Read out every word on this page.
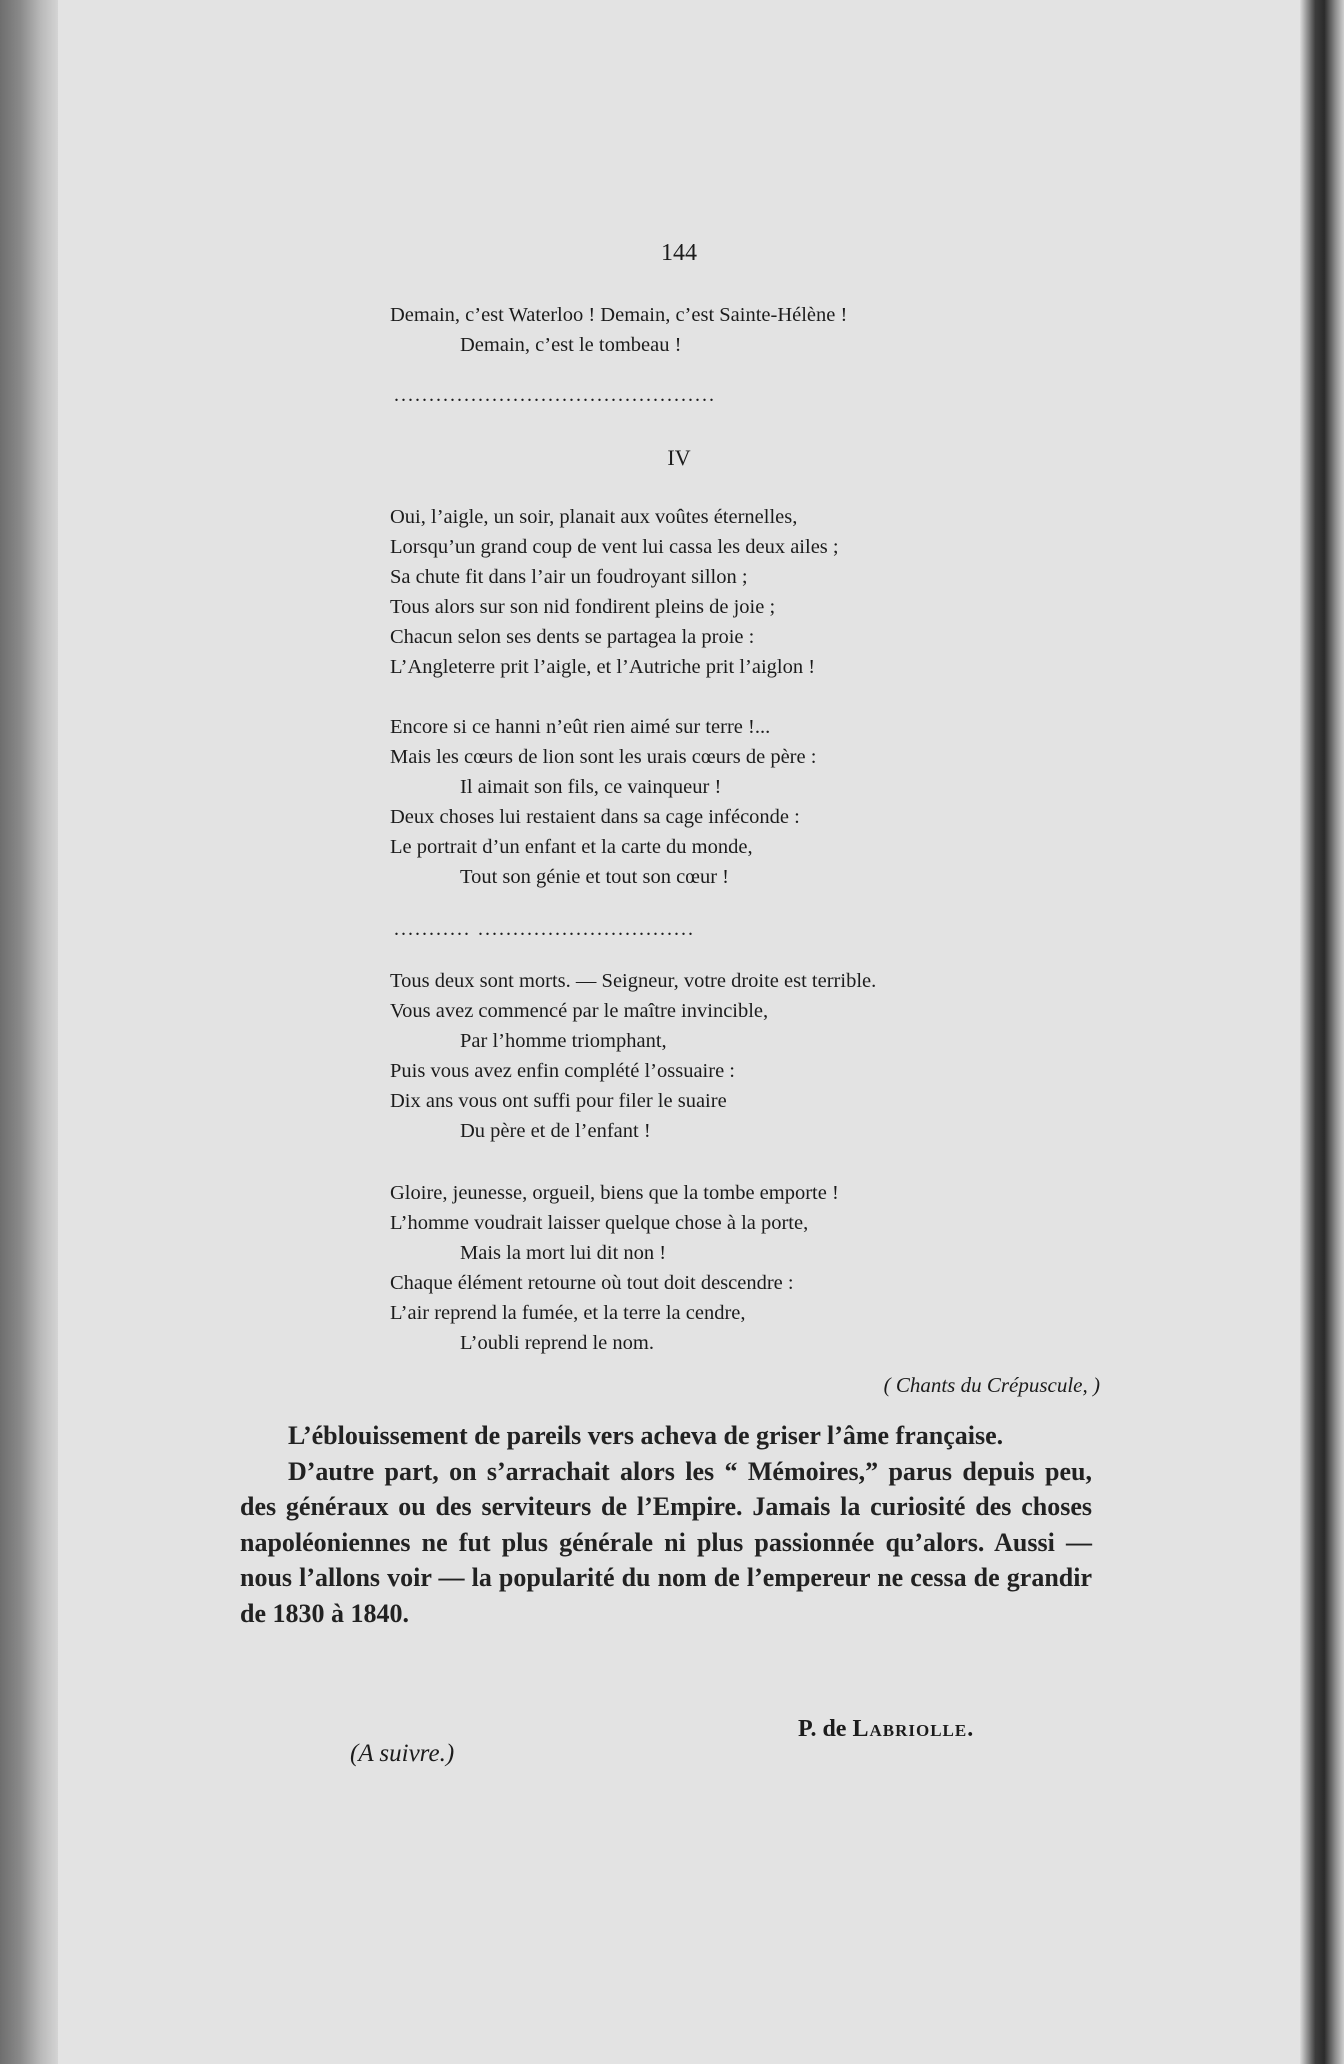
144
Demain, c’est Waterloo ! Demain, c’est Sainte-Hélène !
Demain, c’est le tombeau !
..............................................
IV
Oui, l’aigle, un soir, planait aux voûtes éternelles,
Lorsqu’un grand coup de vent lui cassa les deux ailes ;
Sa chute fit dans l’air un foudroyant sillon ;
Tous alors sur son nid fondirent pleins de joie ;
Chacun selon ses dents se partagea la proie :
L’Angleterre prit l’aigle, et l’Autriche prit l’aiglon !
Encore si ce hanni n’eût rien aimé sur terre !...
Mais les cœurs de lion sont les urais cœurs de père :
Il aimait son fils, ce vainqueur !
Deux choses lui restaient dans sa cage inféconde :
Le portrait d’un enfant et la carte du monde,
Tout son génie et tout son cœur !
........... ...............................
Tous deux sont morts. — Seigneur, votre droite est terrible.
Vous avez commencé par le maître invincible,
Par l’homme triomphant,
Puis vous avez enfin complété l’ossuaire :
Dix ans vous ont suffi pour filer le suaire
Du père et de l’enfant !
Gloire, jeunesse, orgueil, biens que la tombe emporte !
L’homme voudrait laisser quelque chose à la porte,
Mais la mort lui dit non !
Chaque élément retourne où tout doit descendre :
L’air reprend la fumée, et la terre la cendre,
L’oubli reprend le nom.
( Chants du Crépuscule, )

L’éblouissement de pareils vers acheva de griser l’âme française.

D’autre part, on s’arrachait alors les “ Mémoires,” parus depuis peu, des généraux ou des serviteurs de l’Empire. Jamais la curiosité des choses napoléoniennes ne fut plus générale ni plus passionnée qu’alors. Aussi — nous l’allons voir — la popularité du nom de l’empereur ne cessa de grandir de 1830 à 1840.

P. de Labriolle.
(A suivre.)
